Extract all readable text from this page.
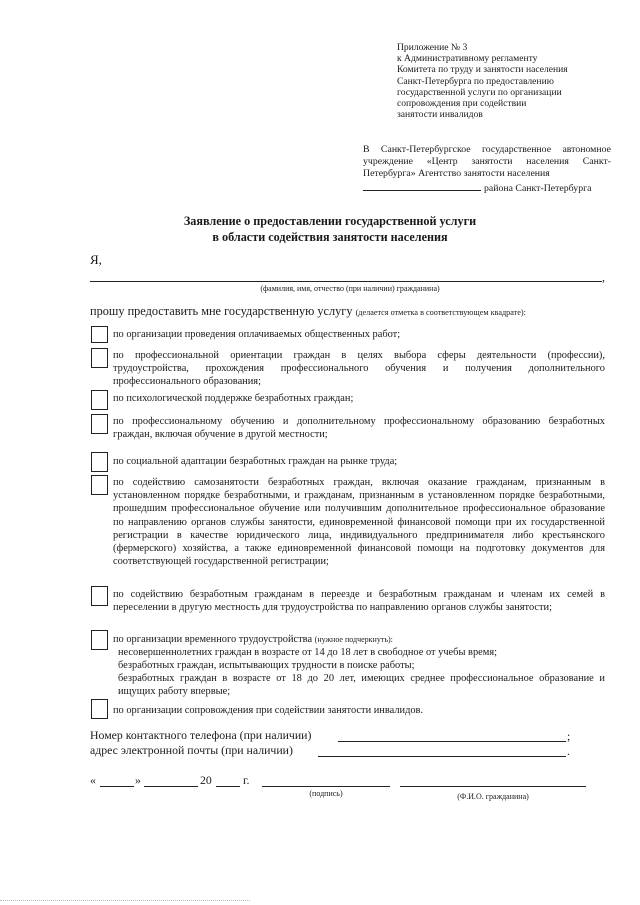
Приложение № 3
к Административному регламенту
Комитета по труду и занятости населения
Санкт-Петербурга по предоставлению
государственной услуги по организации
сопровождения при содействии
занятости инвалидов
В Санкт-Петербургское государственное автономное учреждение «Центр занятости населения Санкт-Петербурга» Агентство занятости населения
района Санкт-Петербурга
Заявление о предоставлении государственной услуги
в области содействия занятости населения
Я,
,
(фамилия, имя, отчество (при наличии) гражданина)
прошу предоставить мне государственную услугу (делается отметка в соответствующем квадрате):
по организации проведения оплачиваемых общественных работ;
по профессиональной ориентации граждан в целях выбора сферы деятельности (профессии), трудоустройства, прохождения профессионального обучения и получения дополнительного профессионального образования;
по психологической поддержке безработных граждан;
по профессиональному обучению и дополнительному профессиональному образованию безработных граждан, включая обучение в другой местности;
по социальной адаптации безработных граждан на рынке труда;
по содействию самозанятости безработных граждан, включая оказание гражданам, признанным в установленном порядке безработными, и гражданам, признанным в установленном порядке безработными, прошедшим профессиональное обучение или получившим дополнительное профессиональное образование по направлению органов службы занятости, единовременной финансовой помощи при их государственной регистрации в качестве юридического лица, индивидуального предпринимателя либо крестьянского (фермерского) хозяйства, а также единовременной финансовой помощи на подготовку документов для соответствующей государственной регистрации;
по содействию безработным гражданам в переезде и безработным гражданам и членам их семей в переселении в другую местность для трудоустройства по направлению органов службы занятости;
по организации временного трудоустройства (нужное подчеркнуть):
несовершеннолетних граждан в возрасте от 14 до 18 лет в свободное от учебы время;
безработных граждан, испытывающих трудности в поиске работы;
безработных граждан в возрасте от 18 до 20 лет, имеющих среднее профессиональное образование и ищущих работу впервые;
по организации сопровождения при содействии занятости инвалидов.
Номер контактного телефона (при наличии)	;
адрес электронной почты (при наличии)	.
«	»	20	г.
(подпись)	(Ф.И.О. гражданина)
